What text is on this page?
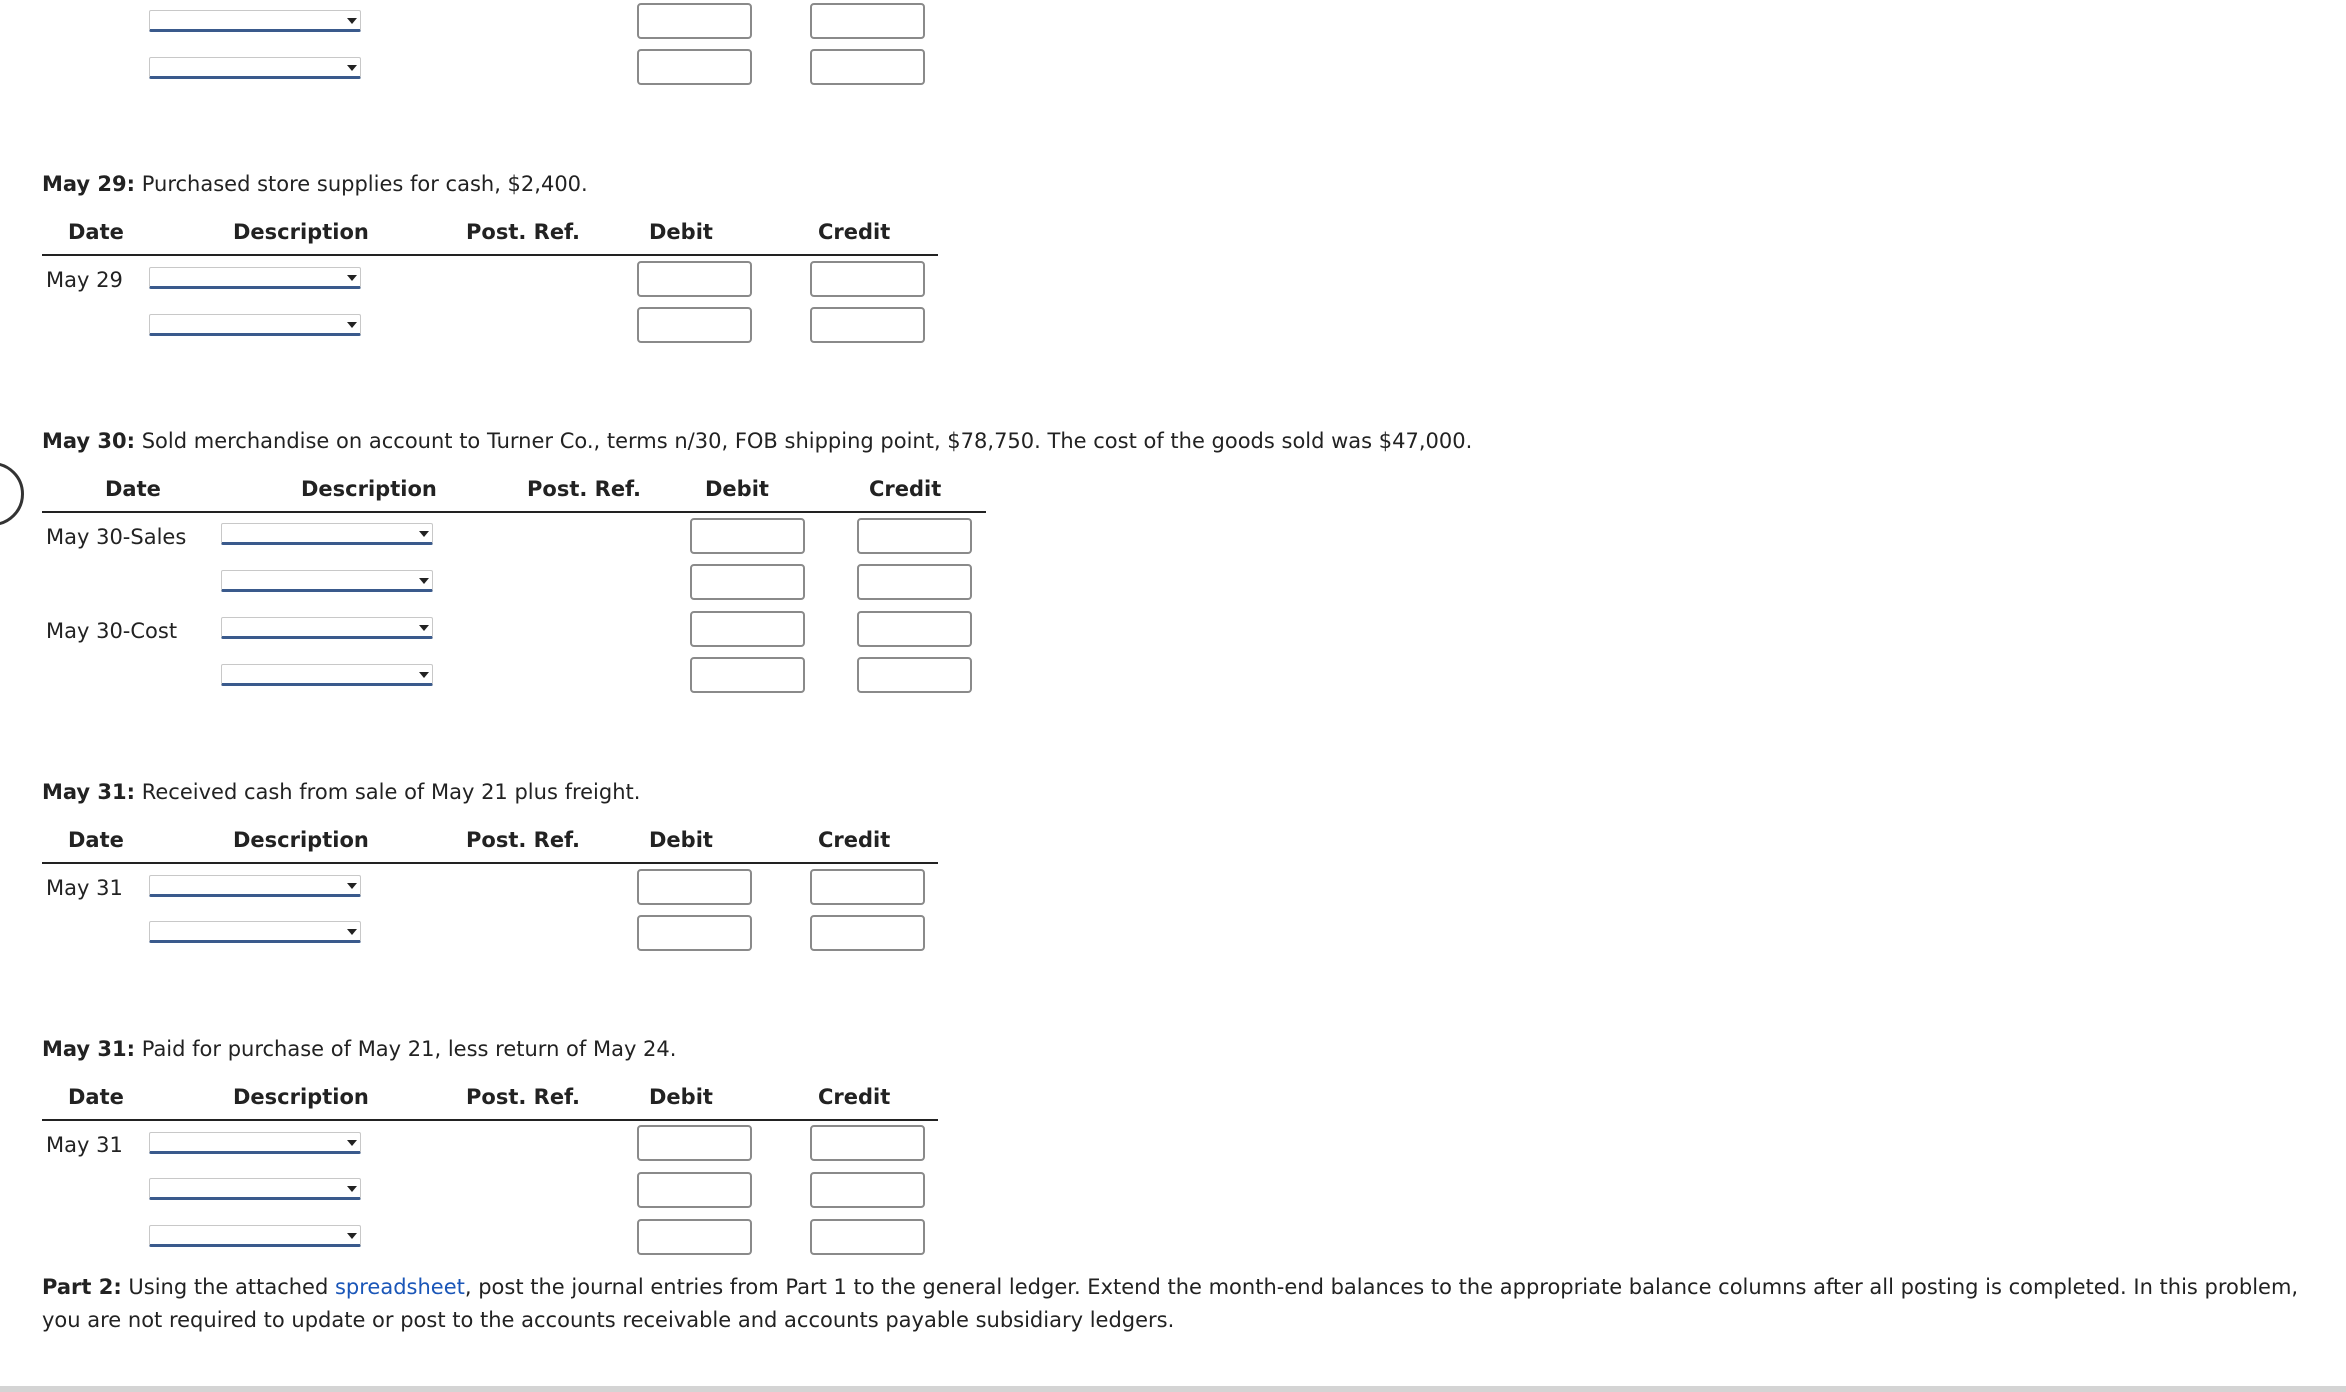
May 29: Purchased store supplies for cash, $2,400.
Date	Description	Post. Ref.	Debit	Credit
May 29
May 30: Sold merchandise on account to Turner Co., terms n/30, FOB shipping point, $78,750. The cost of the goods sold was $47,000.
Date	Description	Post. Ref.	Debit	Credit
May 30-Sales
May 30-Cost
May 31: Received cash from sale of May 21 plus freight.
Date	Description	Post. Ref.	Debit	Credit
May 31
May 31: Paid for purchase of May 21, less return of May 24.
Date	Description	Post. Ref.	Debit	Credit
May 31
Part 2: Using the attached spreadsheet, post the journal entries from Part 1 to the general ledger. Extend the month-end balances to the appropriate balance columns after all posting is completed. In this problem, you are not required to update or post to the accounts receivable and accounts payable subsidiary ledgers.
